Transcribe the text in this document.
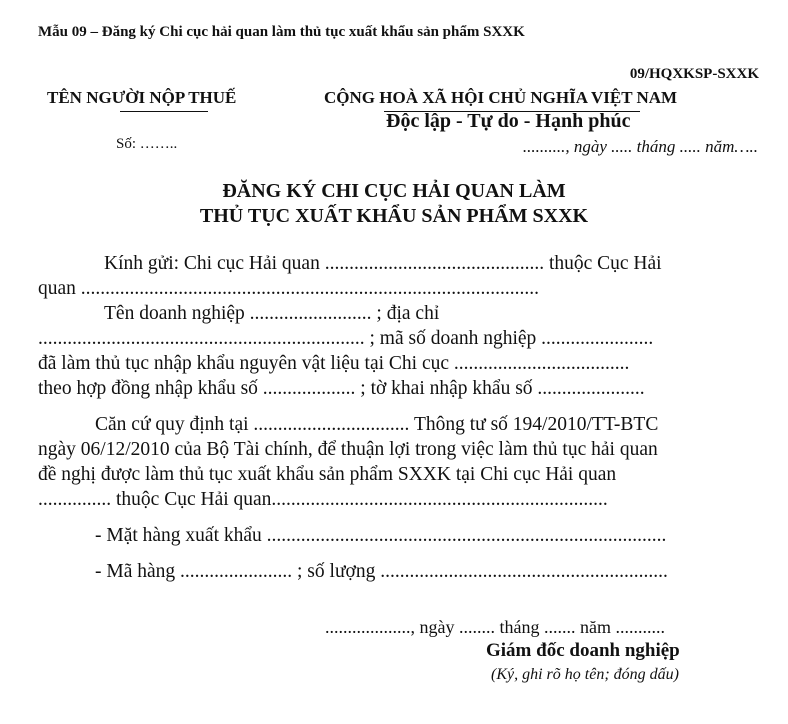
Mẫu 09 – Đăng ký Chi cục hải quan làm thủ tục xuất khẩu sản phẩm SXXK
09/HQXKSP-SXXK
TÊN NGƯỜI NỘP THUẾ	CỘNG HOÀ XÃ HỘI CHỦ NGHĨA VIỆT NAM
Độc lập - Tự do - Hạnh phúc
Số: ……..	.........., ngày ..... tháng ..... năm…..
ĐĂNG KÝ CHI CỤC HẢI QUAN LÀM
THỦ TỤC XUẤT KHẨU SẢN PHẨM SXXK
Kính gửi: Chi cục Hải quan ............................................. thuộc Cục Hải
quan ..............................................................................................
Tên doanh nghiệp ......................... ; địa chỉ
................................................................... ; mã số doanh nghiệp .......................
đã làm thủ tục nhập khẩu nguyên vật liệu tại Chi cục ....................................
theo hợp đồng nhập khẩu số ................... ; tờ khai nhập khẩu số ......................
Căn cứ quy định tại ................................ Thông tư số 194/2010/TT-BTC
ngày 06/12/2010 của Bộ Tài chính, để thuận lợi trong việc làm thủ tục hải quan
đề nghị được làm thủ tục xuất khẩu sản phẩm SXXK tại Chi cục Hải quan
............... thuộc Cục Hải quan.....................................................................
- Mặt hàng xuất khẩu ..................................................................................
- Mã hàng ....................... ; số lượng ...........................................................
..................., ngày ........ tháng ....... năm ...........
Giám đốc doanh nghiệp
(Ký, ghi rõ họ tên; đóng dấu)
